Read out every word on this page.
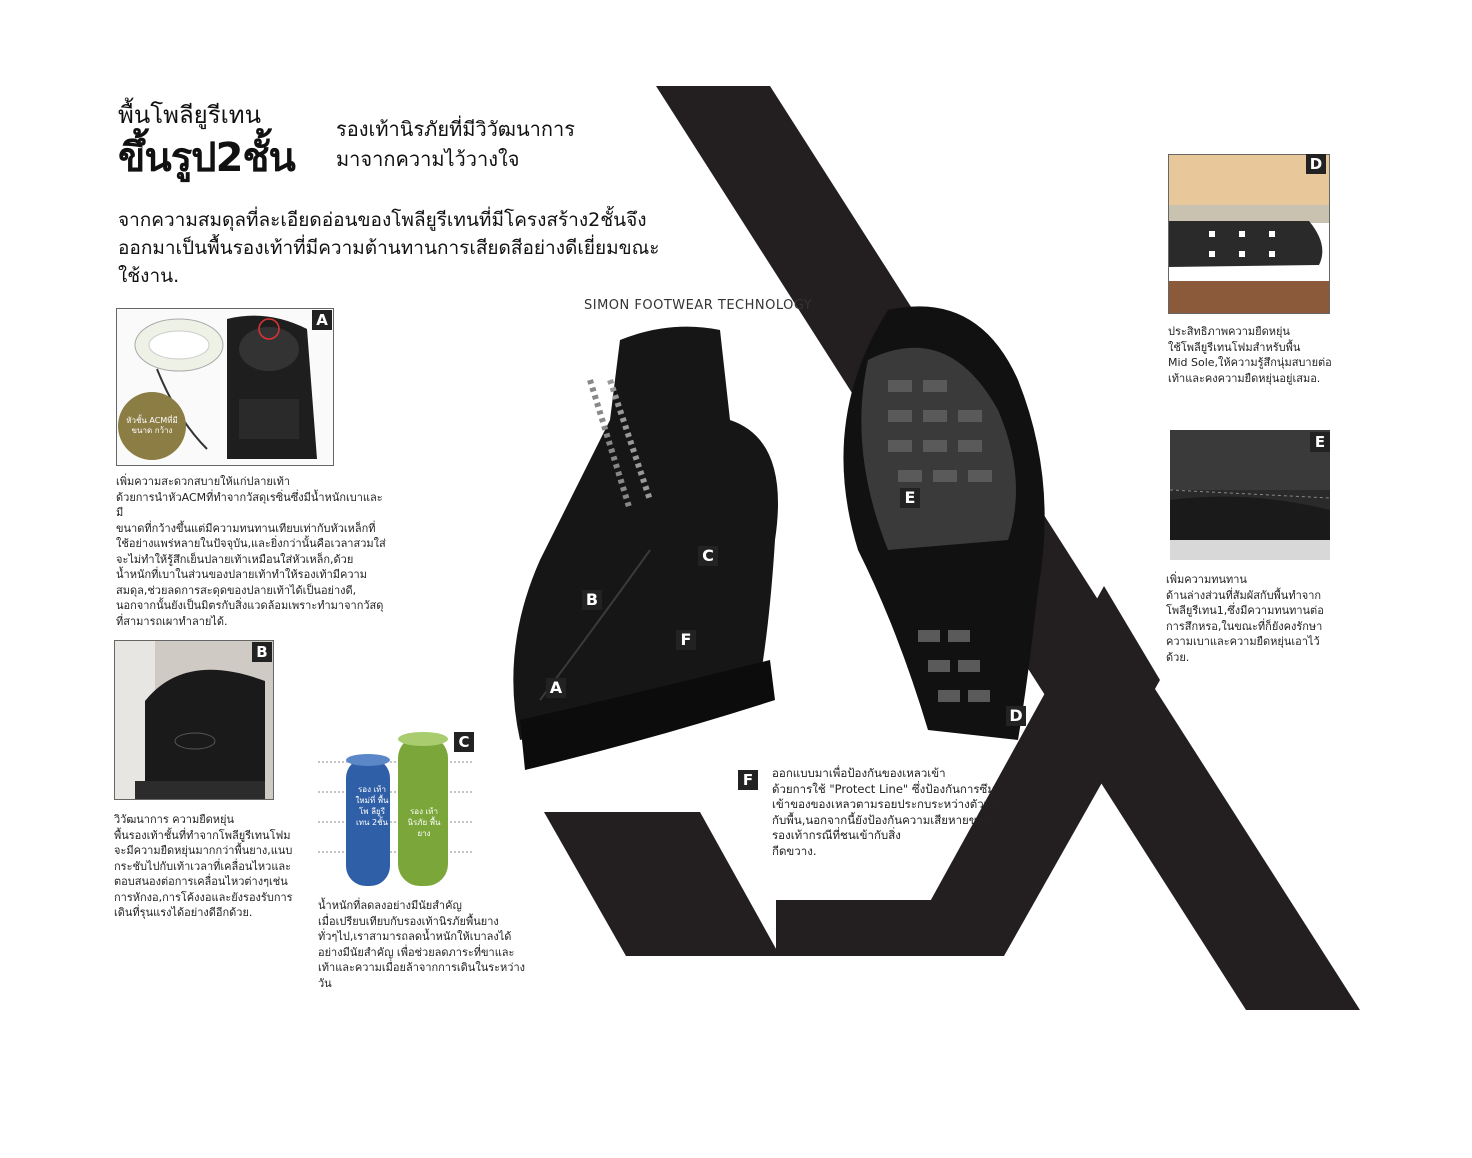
พื้นโพลียูรีเทน
ขึ้นรูป2ชั้น
รองเท้านิรภัยที่มีวิวัฒนาการ
มาจากความไว้วางใจ
จากความสมดุลที่ละเอียดอ่อนของโพลียูรีเทนที่มีโครงสร้าง2ชั้นจึง
ออกมาเป็นพื้นรองเท้าที่มีความต้านทานการเสียดสีอย่างดีเยี่ยมขณะ
ใช้งาน.
SIMON FOOTWEAR TECHNOLOGY
A
หัวชั้น ACMที่มี ขนาด กว้าง
เพิ่มความสะดวกสบายให้แก่ปลายเท้า
ด้วยการนำหัวACMที่ทำจากวัสดุเรซิ่นซึ่งมีน้ำหนักเบาและมี
ขนาดที่กว้างขึ้นแต่มีความทนทานเทียบเท่ากับหัวเหล็กที่
ใช้อย่างแพร่หลายในปัจจุบัน,และยิ่งกว่านั้นคือเวลาสวมใส่
จะไม่ทำให้รู้สึกเย็นปลายเท้าเหมือนใส่หัวเหล็ก,ด้วย
น้ำหนักที่เบาในส่วนของปลายเท้าทำให้รองเท้ามีความ
สมดุล,ช่วยลดการสะดุดของปลายเท้าได้เป็นอย่างดี,
นอกจากนั้นยังเป็นมิตรกับสิ่งแวดล้อมเพราะทำมาจากวัสดุ
ที่สามารถเผาทำลายได้.
B
วิวัฒนาการ ความยืดหยุ่น
พื้นรองเท้าชั้นที่ทำจากโพลียูรีเทนโฟม
จะมีความยืดหยุ่นมากกว่าพื้นยาง,แนบ
กระชับไปกับเท้าเวลาที่เคลื่อนไหวและ
ตอบสนองต่อการเคลื่อนไหวต่างๆเช่น
การหักงอ,การโค้งงอและยังรองรับการ
เดินที่รุนแรงได้อย่างดีอีกด้วย.
รอง เท้า ใหม่ที่ พื้นโพ ลียูรี เทน 2ชั้น
รอง เท้า นิรภัย พื้น ยาง
C
น้ำหนักที่ลดลงอย่างมีนัยสำคัญ
เมื่อเปรียบเทียบกับรองเท้านิรภัยพื้นยาง
ทั่วๆไป,เราสามารถลดน้ำหนักให้เบาลงได้
อย่างมีนัยสำคัญ เพื่อช่วยลดภาระที่ขาและ
เท้าและความเมื่อยล้าจากการเดินในระหว่าง
วัน
A
B
C
F
E
D
F	ออกแบบมาเพื่อป้องกันของเหลวเข้า
ด้วยการใช้ "Protect Line" ซึ่งป้องกันการซึม
เข้าของของเหลวตามรอยประกบระหว่างตัวหนัง
กับพื้น,นอกจากนี้ยังป้องกันความเสียหายของ
รองเท้ากรณีที่ชนเข้ากับสิ่ง
กีดขวาง.
D
ประสิทธิภาพความยืดหยุ่น
ใช้โพลียูรีเทนโฟมสำหรับพื้น
Mid Sole,ให้ความรู้สึกนุ่มสบายต่อ
เท้าและคงความยืดหยุ่นอยู่เสมอ.
E
เพิ่มความทนทาน
ด้านล่างส่วนที่สัมผัสกับพื้นทำจาก
โพลียูรีเทน1,ซึ่งมีความทนทานต่อ
การสึกหรอ,ในขณะที่ก็ยังคงรักษา
ความเบาและความยืดหยุ่นเอาไว้
ด้วย.
